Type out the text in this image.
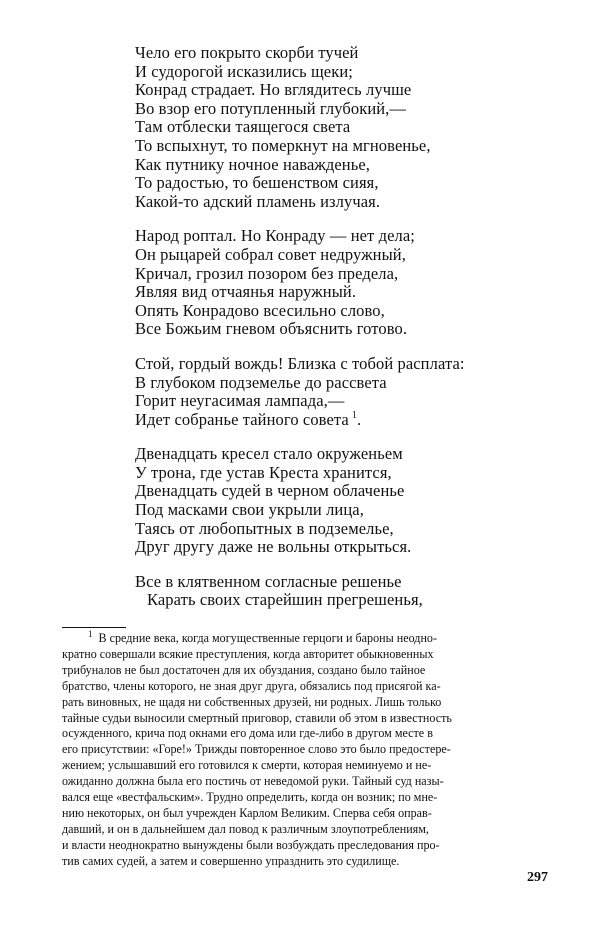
Чело его покрыто скорби тучей
И судорогой исказились щеки;
Конрад страдает. Но вглядитесь лучше
Во взор его потупленный глубокий,—
Там отблески таящегося света
То вспыхнут, то померкнут на мгновенье,
Как путнику ночное наважденье,
То радостью, то бешенством сияя,
Какой-то адский пламень излучая.
Народ роптал. Но Конраду — нет дела;
Он рыцарей собрал совет недружный,
Кричал, грозил позором без предела,
Являя вид отчаянья наружный.
Опять Конрадово всесильно слово,
Все Божьим гневом объяснить готово.
Стой, гордый вождь! Близка с тобой расплата:
В глубоком подземелье до рассвета
Горит неугасимая лампада,—
Идет собранье тайного совета $^1$.
Двенадцать кресел стало окруженьем
У трона, где устав Креста хранится,
Двенадцать судей в черном облаченье
Под масками свои укрыли лица,
Таясь от любопытных в подземелье,
Друг другу даже не вольны открыться.
Все в клятвенном согласные решенье
Карать своих старейшин прегрешенья,
$^1$ В средние века, когда могущественные герцоги и бароны неодно-
кратно совершали всякие преступления, когда авторитет обыкновенных
трибуналов не был достаточен для их обуздания, создано было тайное
братство, члены которого, не зная друг друга, обязались под присягой ка-
рать виновных, не щадя ни собственных друзей, ни родных. Лишь только
тайные судьи выносили смертный приговор, ставили об этом в известность
осужденного, крича под окнами его дома или где-либо в другом месте в
его присутствии: «Горе!» Трижды повторенное слово это было предостере-
жением; услышавший его готовился к смерти, которая неминуемо и не-
ожиданно должна была его постичь от неведомой руки. Тайный суд назы-
вался еще «вестфальским». Трудно определить, когда он возник; по мне-
нию некоторых, он был учрежден Карлом Великим. Сперва себя оправ-
давший, и он в дальнейшем дал повод к различным злоупотреблениям,
и власти неоднократно вынуждены были возбуждать преследования про-
тив самих судей, а затем и совершенно упразднить это судилище.
297
